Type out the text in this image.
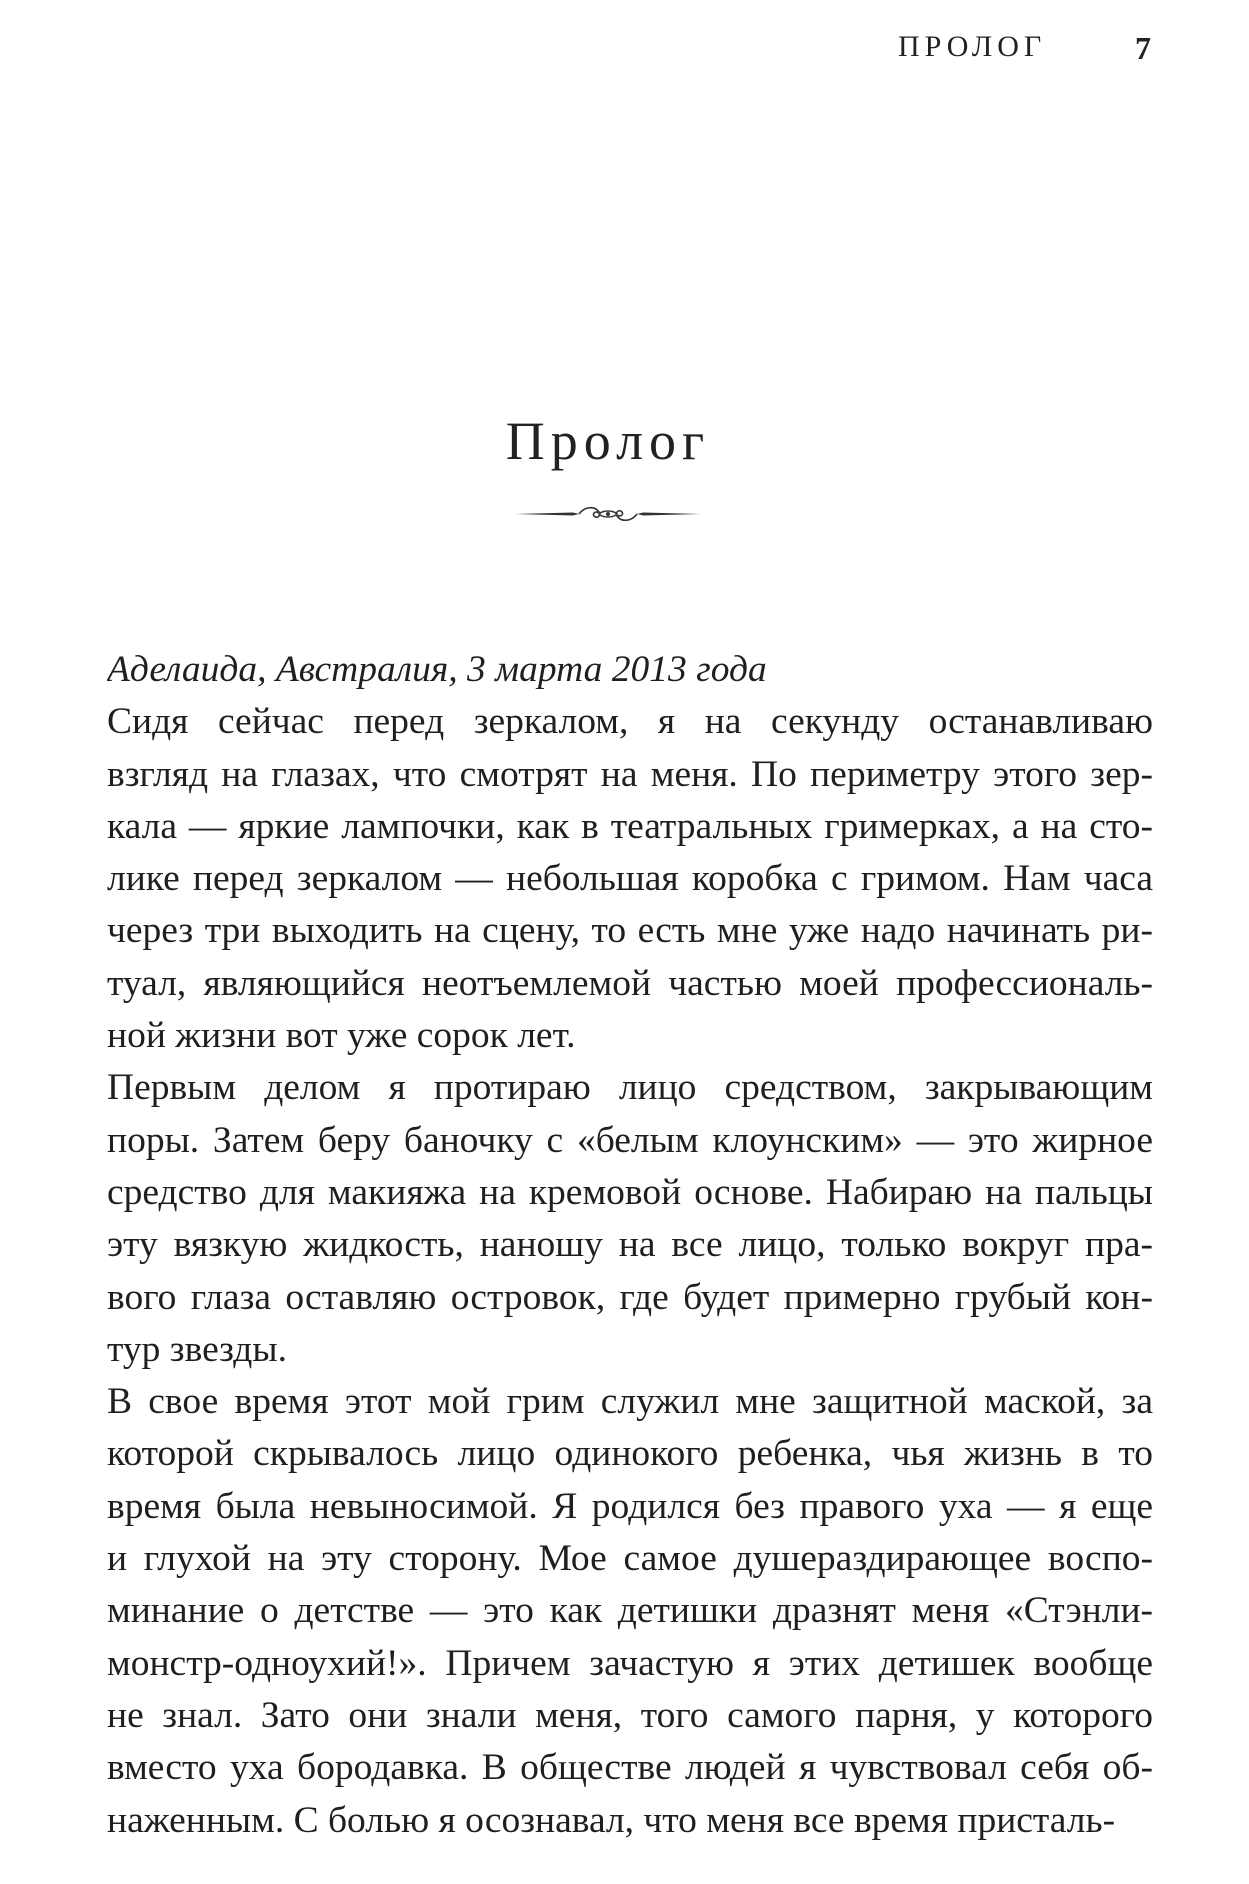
ПРОЛОГ	7
Пролог
Аделаида, Австралия, 3 марта 2013 года
Сидя сейчас перед зеркалом, я на секунду останавливаю
взгляд на глазах, что смотрят на меня. По периметру этого зер-
кала — яркие лампочки, как в театральных гримерках, а на сто-
лике перед зеркалом — небольшая коробка с гримом. Нам часа
через три выходить на сцену, то есть мне уже надо начинать ри-
туал, являющийся неотъемлемой частью моей профессиональ-
ной жизни вот уже сорок лет.
Первым делом я протираю лицо средством, закрывающим
поры. Затем беру баночку с «белым клоунским» — это жирное
средство для макияжа на кремовой основе. Набираю на пальцы
эту вязкую жидкость, наношу на все лицо, только вокруг пра-
вого глаза оставляю островок, где будет примерно грубый кон-
тур звезды.
В свое время этот мой грим служил мне защитной маской, за
которой скрывалось лицо одинокого ребенка, чья жизнь в то
время была невыносимой. Я родился без правого уха — я еще
и глухой на эту сторону. Мое самое душераздирающее воспо-
минание о детстве — это как детишки дразнят меня «Стэнли-
монстр-одноухий!». Причем зачастую я этих детишек вообще
не знал. Зато они знали меня, того самого парня, у которого
вместо уха бородавка. В обществе людей я чувствовал себя об-
наженным. С болью я осознавал, что меня все время присталь-
